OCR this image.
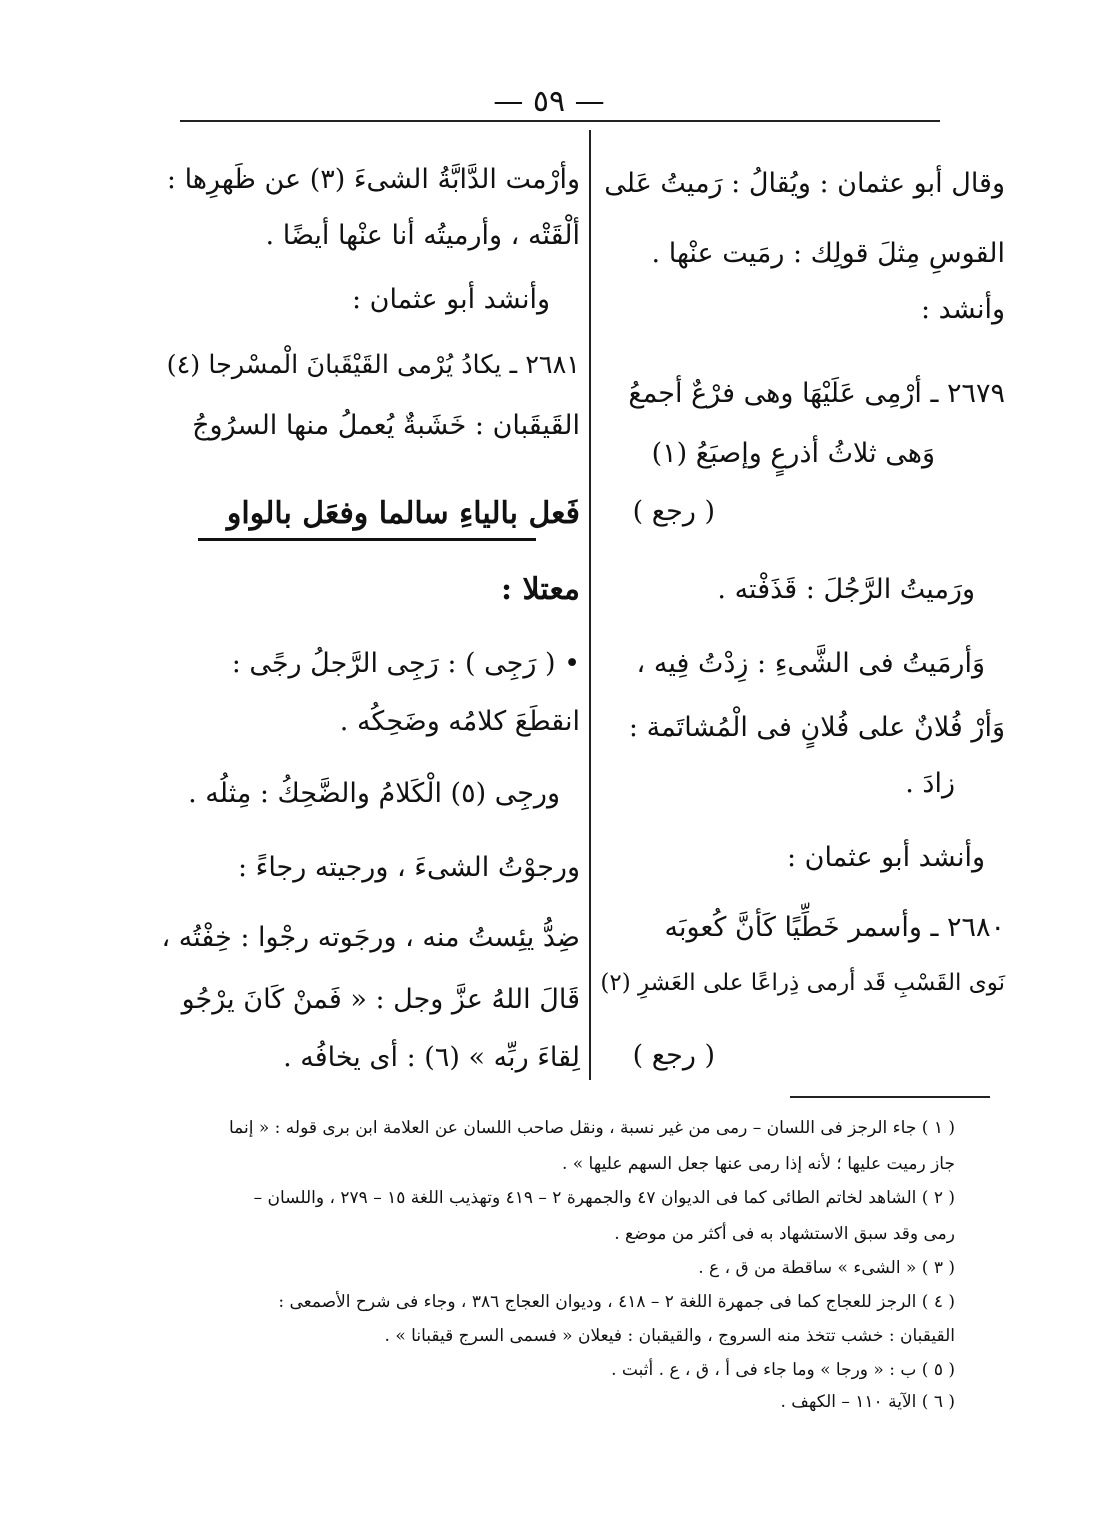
— ٥٩ —
وقال أبو عثمان : ويُقالُ : رَميتُ عَلى
القوسِ مِثلَ قولِك : رمَيت عنْها .
وأنشد :
٢٦٧٩ ـ أرْمِى عَلَيْهَا وهى فرْعٌ أجمعُ
وَهى ثلاثُ أذرعٍ وإصبَعُ (١)
( رجع )
ورَميتُ الرَّجُلَ : قَذَفْته .
وَأرمَيتُ فى الشَّىءِ : زِدْتُ فِيه ،
وَأرْ فُلانٌ على فُلانٍ فى الْمُشاتَمة :
زادَ .
وأنشد أبو عثمان :
٢٦٨٠ ـ وأسمر خَطِّيًا كَأنَّ كُعوبَه
نَوى القَسْبِ قَد أرمى ذِراعًا على العَشرِ (٢)
( رجع )
وأرْمت الدَّابَّةُ الشىءَ (٣) عن ظَهرِها :
ألْقَتْه ، وأرميتُه أنا عنْها أيضًا .
وأنشد أبو عثمان :
٢٦٨١ ـ يكادُ يُرْمى القَيْقَبانَ الْمسْرجا (٤)
القَيقَبان : خَشَبةٌ يُعملُ منها السرُوجُ
فَعل بالياءِ سالما وفعَل بالواو
معتلا :
• ( رَجِى ) : رَجِى الرَّجلُ رجًى :
انقطَعَ كلامُه وضَحِكُه .
ورجِى (٥) الْكَلامُ والضَّحِكُ : مِثلُه .
ورجوْتُ الشىءَ ، ورجيته رجاءً :
ضِدُّ يئِستُ منه ، ورجَوته رجْوا : خِفْتُه ،
قَالَ اللهُ عزَّ وجل : « فَمنْ كَانَ يرْجُو
لِقاءَ ربِّه » (٦) : أى يخافُه .
( ١ ) جاء الرجز فى اللسان – رمى من غير نسبة ، ونقل صاحب اللسان عن العلامة ابن برى قوله : « إنما
جاز رميت عليها ؛ لأنه إذا رمى عنها جعل السهم عليها » .
( ٢ ) الشاهد لخاتم الطائى كما فى الديوان ٤٧ والجمهرة ٢ – ٤١٩ وتهذيب اللغة ١٥ – ٢٧٩ ، واللسان –
رمى وقد سبق الاستشهاد به فى أكثر من موضع .
( ٣ ) « الشىء » ساقطة من ق ، ع .
( ٤ ) الرجز للعجاج كما فى جمهرة اللغة ٢ – ٤١٨ ، وديوان العجاج ٣٨٦ ، وجاء فى شرح الأصمعى :
القيقبان : خشب تتخذ منه السروج ، والقيقبان : فيعلان « فسمى السرج قيقبانا » .
( ٥ ) ب : « ورجا » وما جاء فى أ ، ق ، ع . أثبت .
( ٦ ) الآية ١١٠ – الكهف .
